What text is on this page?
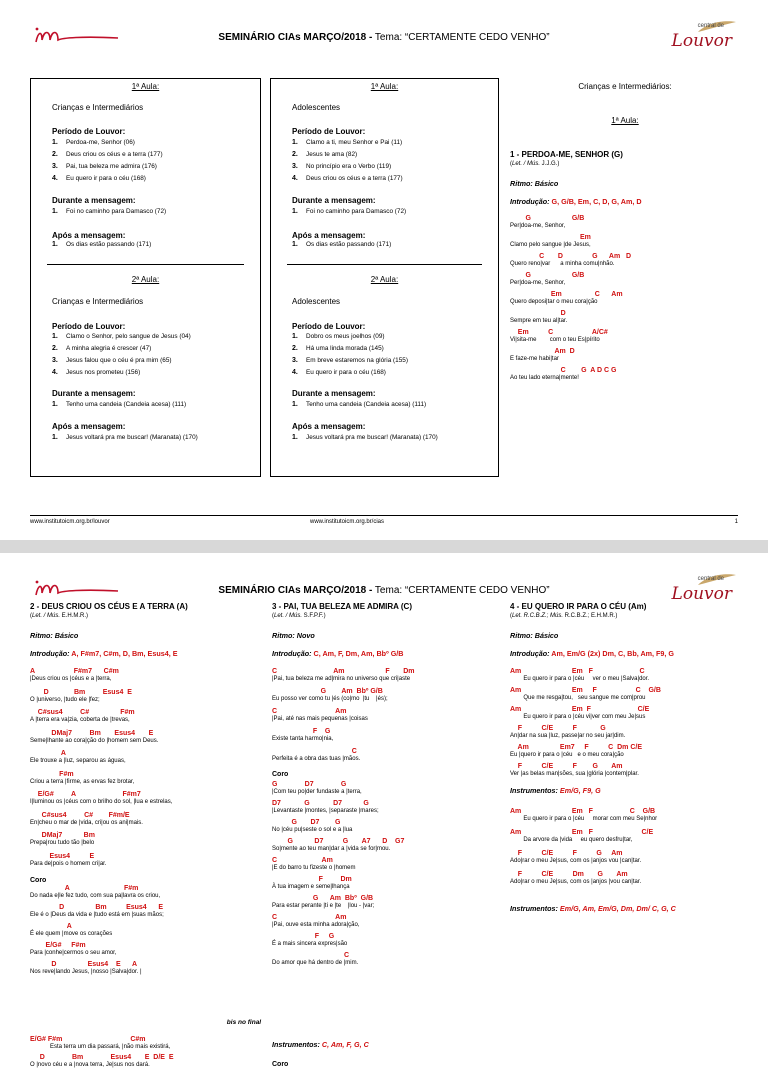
SEMINÁRIO CIAs MARÇO/2018 - Tema: “CERTAMENTE CEDO VENHO”
central de
Louvor
1ª Aula:
Crianças e Intermediários
Período de Louvor:
1. Perdoa-me, Senhor (06)
2. Deus criou os céus e a terra (177)
3. Pai, tua beleza me admira (176)
4. Eu quero ir para o céu (168)
Durante a mensagem:
1. Foi no caminho para Damasco (72)
Após a mensagem:
1. Os dias estão passando (171)
2ª Aula:
Crianças e Intermediários
Período de Louvor:
1. Clamo o Senhor, pelo sangue de Jesus (04)
2. A minha alegria é crescer (47)
3. Jesus falou que o céu é pra mim (65)
4. Jesus nos prometeu (156)
Durante a mensagem:
1. Tenho uma candeia (Candeia acesa) (111)
Após a mensagem:
1. Jesus voltará pra me buscar! (Maranata) (170)
1ª Aula:
Adolescentes
Período de Louvor:
1. Clamo a ti, meu Senhor e Pai (11)
2. Jesus te ama (82)
3. No princípio era o Verbo (119)
4. Deus criou os céus e a terra (177)
Durante a mensagem:
1. Foi no caminho para Damasco (72)
Após a mensagem:
1. Os dias estão passando (171)
2ª Aula:
Adolescentes
Período de Louvor:
1. Dobro os meus joelhos (09)
2. Há uma linda morada (145)
3. Em breve estaremos na glória (155)
4. Eu quero ir para o céu (168)
Durante a mensagem:
1. Tenho uma candeia (Candeia acesa) (111)
Após a mensagem:
1. Jesus voltará pra me buscar! (Maranata) (170)
Crianças e Intermediários:
1ª Aula:
1 - PERDOA-ME, SENHOR (G)
(Let. / Mús. J.J.G.)
Ritmo: Básico
Introdução: G, G/B, Em, C, D, G, Am, D
G                     G/B
Per|doa-me, Senhor,
Em
Clamo pelo sangue |de Jesus,
C       D               G      Am   D
Quero reno|var      a minha comu|nhão.
G                     G/B
Per|doa-me, Senhor,
Em                 C      Am
Quero deposi|tar o meu cora|ção
D
Sempre em teu al|tar.
Em          C                    A/C#
Vi|sita-me        com o teu Es|pírito
Am  D
E faze-me habi|tar
C        G  A D C G
Ao teu lado eterna|mente!
www.institutoicm.org.br/louvor	www.institutoicm.org.br/cias	1
SEMINÁRIO CIAs MARÇO/2018 - Tema: “CERTAMENTE CEDO VENHO”
central de
Louvor
2 - DEUS CRIOU OS CÉUS E A TERRA (A)
(Let. / Mús. E.H.M.R.)
Ritmo: Básico
Introdução: A, F#m7, C#m, D, Bm, Esus4, E
A                    F#m7      C#m
|Deus criou os |céus e a |terra,
D             Bm         Esus4  E
O |universo, |tudo ele |fez;
C#sus4         C#                F#m
A |terra era va|zia, coberta de |trevas,
DMaj7         Bm       Esus4       E
Seme|lhante ao cora|ção do |homem sem Deus.
A
Ele trouxe a |luz, separou as águas,
F#m
Criou a terra |firme, as ervas fez brotar,
E/G#         A                        F#m7
I|luminou os |céus com o brilho do sol, |lua e estrelas,
C#sus4         C#        F#m/E
En|cheu o mar de |vida, cri|ou os ani|mais.
DMaj7           Bm
Prepa|rou tudo tão |belo
Esus4          E
Para de|pois o homem cri|ar.
Coro
A                            F#m
Do nada e|le fez tudo, com sua pa|lavra os criou,
D                Bm          Esus4      E
Ele é o |Deus da vida e |tudo está em |suas mãos;
A
É ele quem |move os corações
E/G#     F#m
Para |conhe|cermos o seu amor,
D                Esus4    E      A
Nos reve|lando Jesus, |nosso |Salva|dor. |
bis no final
E/G# F#m                                   C#m
Esta terra um dia passará, |não mais existirá,
D              Bm              Esus4       E  D/E  E
O |novo céu e a |nova terra, Je|sus nos dará.
3 - PAI, TUA BELEZA ME ADMIRA (C)
(Let. / Mús. S.F.P.F.)
Ritmo: Novo
Introdução: C, Am, F, Dm, Am, Bbº G/B
C                             Am                     F       Dm
|Pai, tua beleza me ad|mira no universo que cri|aste
G        Am  Bbº G/B
Eu posso ver como tu |és (co|mo  |tu    |és);
C                              Am
|Pai, até nas mais pequenas |coisas
F    G
Existe tanta harmo|nia,
C
Perfeita é a obra das tuas |mãos.
Coro
G              D7              G
|Com teu po|der fundaste a |terra,
D7            G            D7           G
|Levantaste |montes, |separaste |mares;
G       D7        G
No |céu pu|seste o sol e a |lua
G           D7          G       A7      D    G7
So|mente ao teu man|dar a |vida se for|mou.
C                       Am
|E do barro tu fizeste o |homem
F         Dm
À tua imagem e seme|lhança
G      Am  Bbº  G/B
Para estar perante |ti e |te    |lou - |var;
C                              Am
|Pai, ouve esta minha adora|ção,
F     G
É a mais sincera expres|são
C
Do amor que há dentro de |mim.
Instrumentos: C, Am, F, G, C
Coro
4 - EU QUERO IR PARA O CÉU (Am)
(Let. R.C.B.Z.; Mús. R.C.B.Z.; E.H.M.R.)
Ritmo: Básico
Introdução: Am, Em/G (2x) Dm, C, Bb, Am, F9, G
Am                          Em   F                        C
Eu quero ir para o |céu     ver o meu |Salva|dor.
Am                          Em     F                    C    G/B
Que me resga|tou,   seu sangue me com|prou
Am                          Em  F                        C/E
Eu quero ir para o |céu vi|ver com meu Je|sus
F          C/E          F            G
An|dar na sua |luz, passe|ar no seu jar|dim.
Am                Em7     F          C  Dm C/E
Eu |quero ir para o |céu   e o meu cora|ção
F          C/E          F        G       Am
Ver |as belas man|sões, sua |glória |contem|plar.
Instrumentos: Em/G, F9, G
Am                          Em   F                   C    G/B
Eu quero ir para o |céu     morar com meu Se|nhor
Am                          Em   F                         C/E
Da arvore da |vida     eu quero desfru|tar,
F          C/E          F          G     Am
Ado|rar o meu Je|sus, com os |anjos vou |can|tar.
F          C/E          Dm       G       Am
Ado|rar o meu Je|sus, com os |anjos |vou can|tar.
Instrumentos: Em/G, Am, Em/G, Dm, Dm/ C, G, C
